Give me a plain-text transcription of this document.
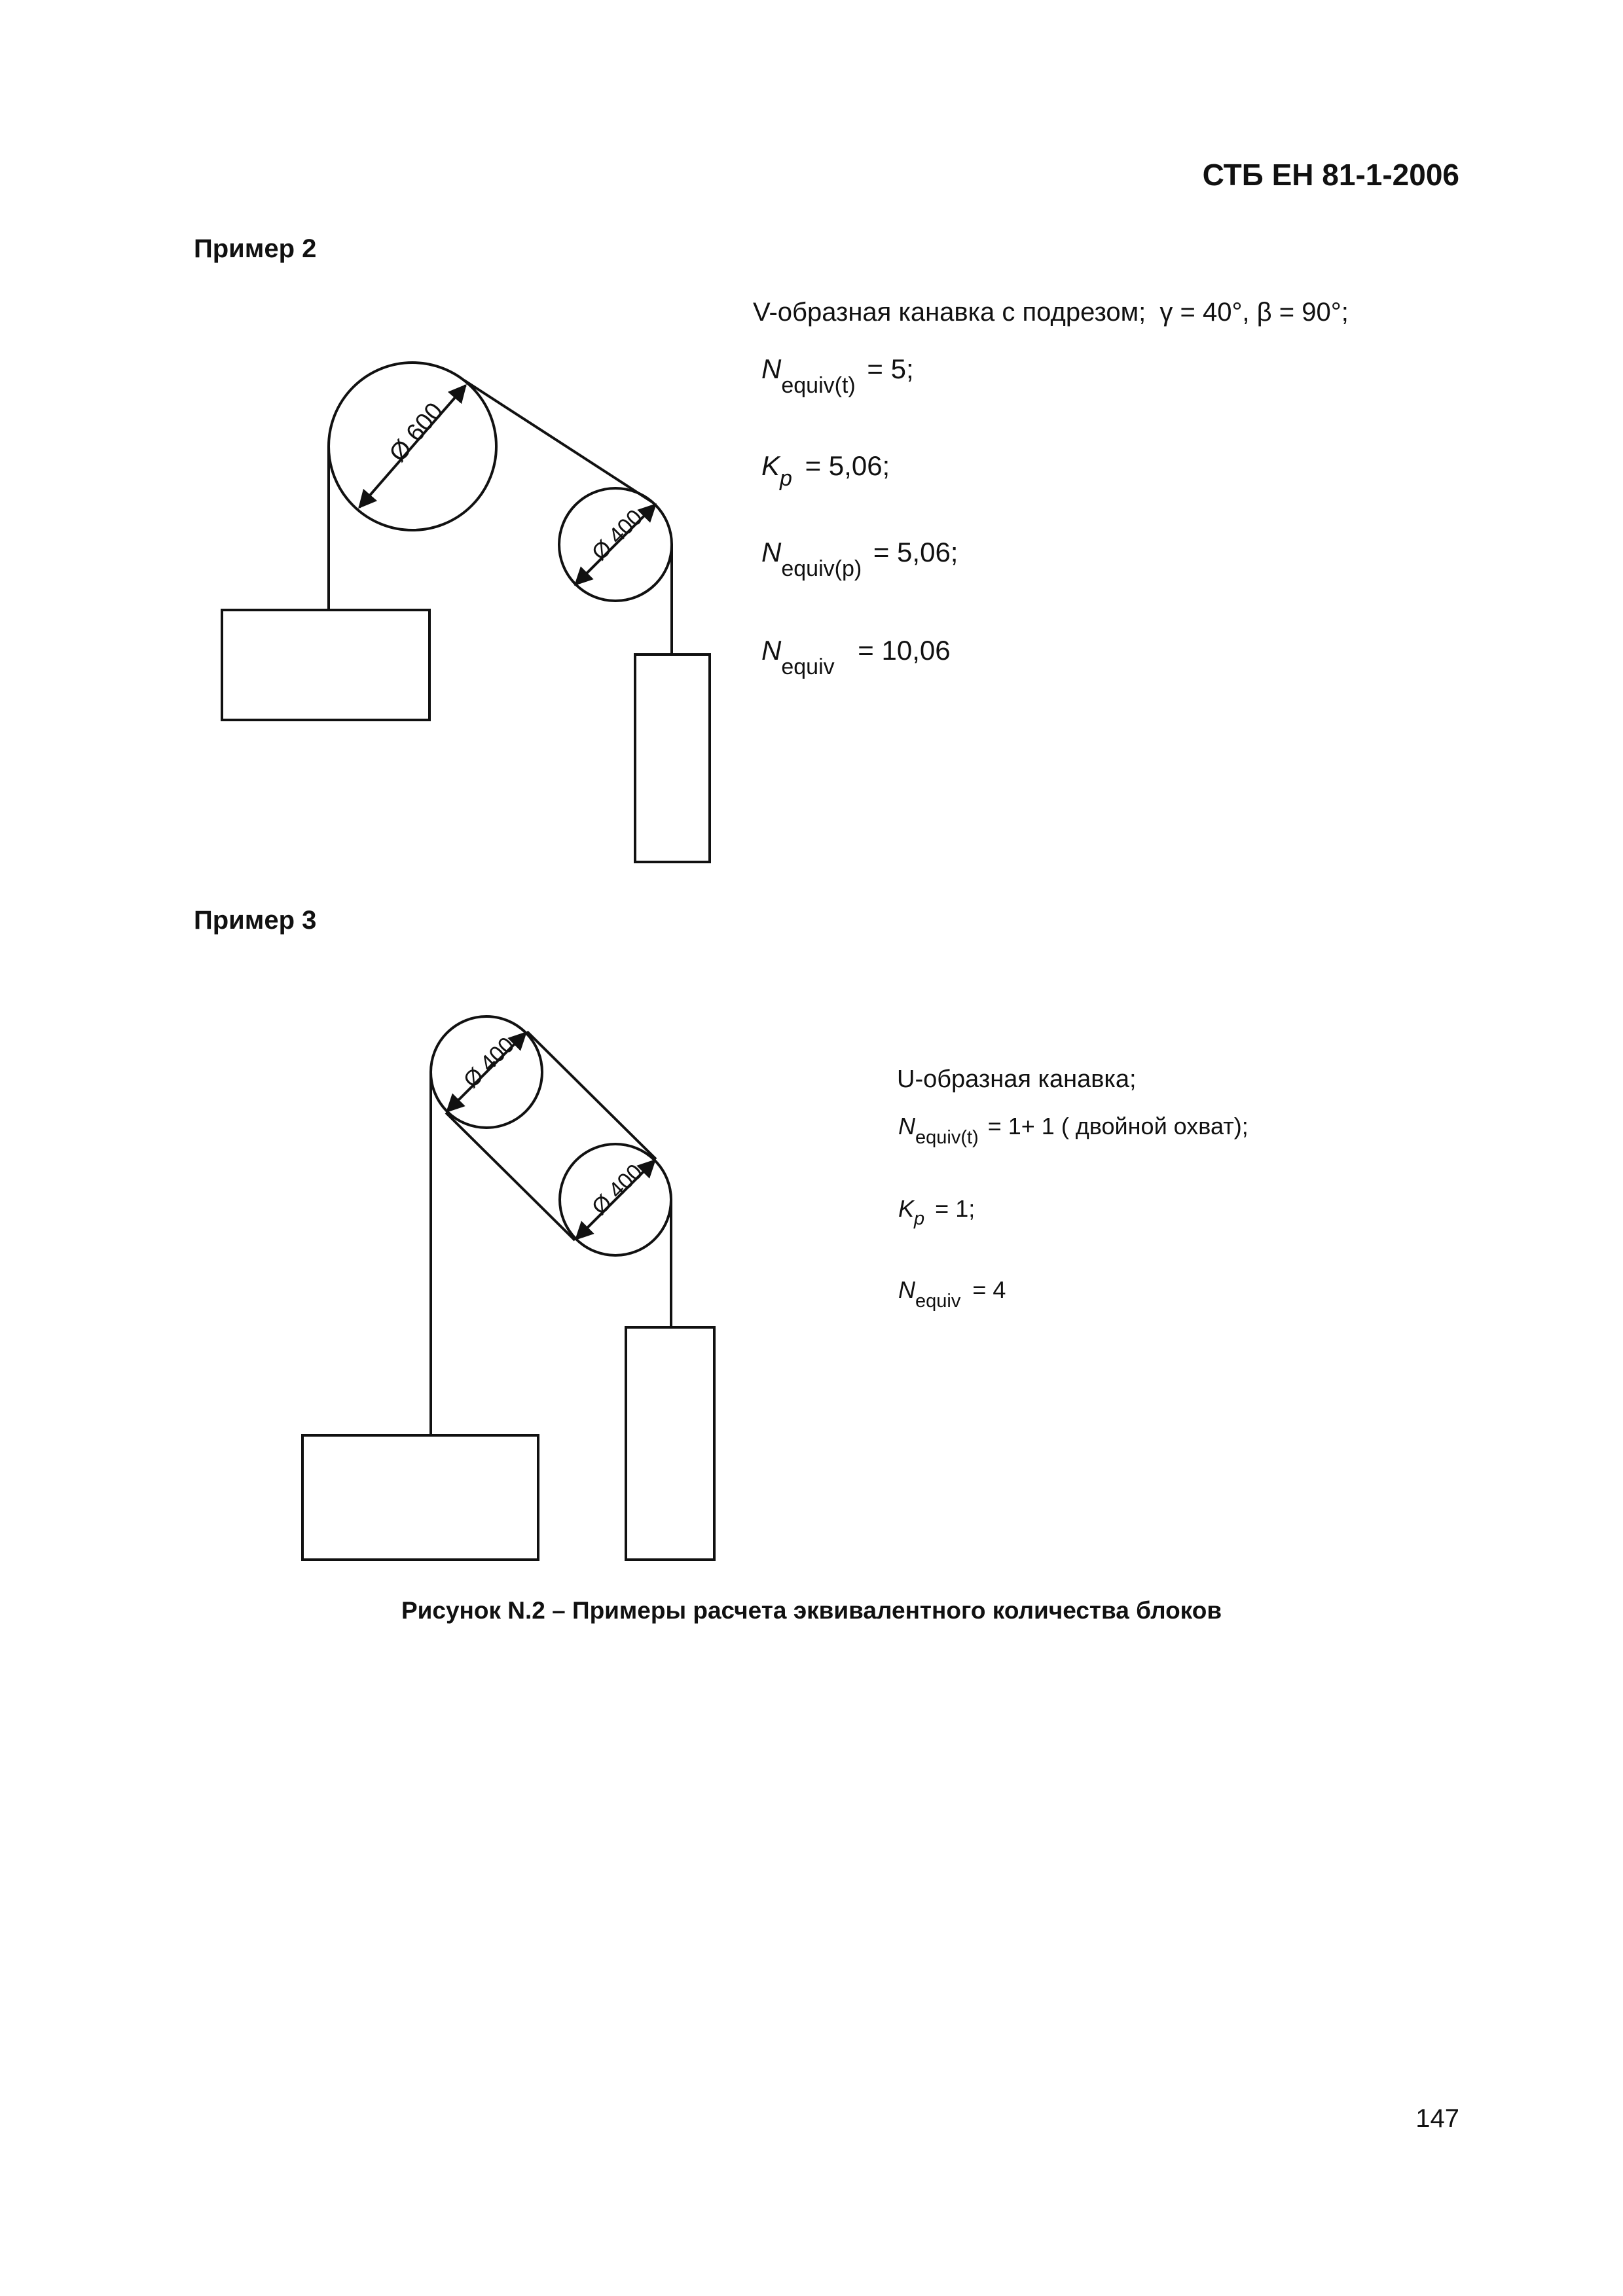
СТБ ЕН 81-1-2006
Пример 2
Пример 3
Ø 600
Ø 400
Ø 400
Ø 400
V-образная канавка с подрезом; γ = 40°, β = 90°;
$N_{equiv(t)} = 5$;
$K_p = 5,06$;
$N_{equiv(p)} = 5,06$;
$N_{equiv} = 10,06$
U-образная канавка;
$N_{equiv(t)} = 1+ 1$ ( двойной охват);
$K_p = 1$;
$N_{equiv} = 4$
Рисунок N.2 – Примеры расчета эквивалентного количества блоков
147
